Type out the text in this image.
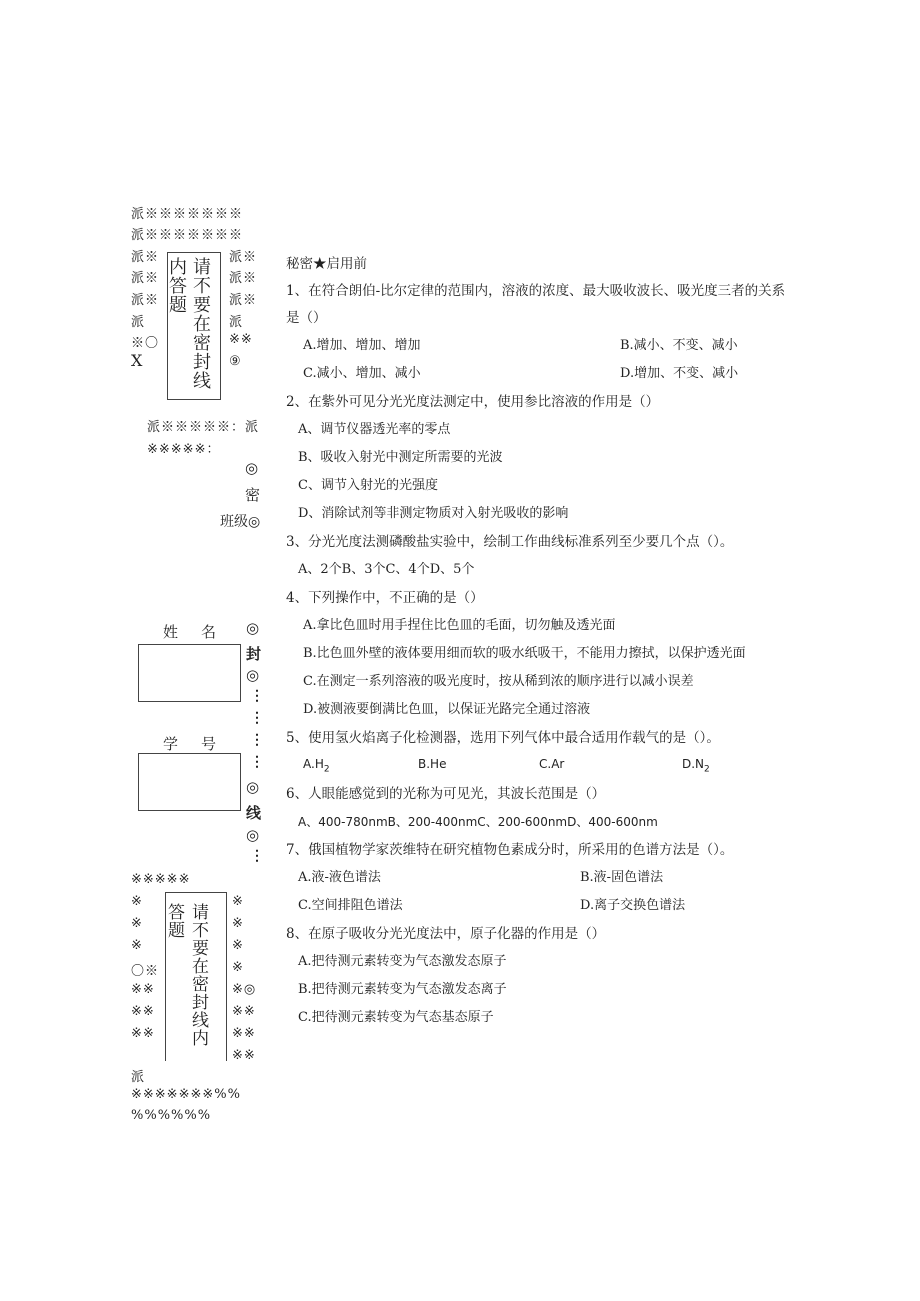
派※※※※※※※
派※※※※※※※
派※
派※
派※
派
※〇
X	请不要在密封线内答题	派※
派※
派※
派
※※
⑨
派※※※※※：派
※※※※※：
◎
密
班级◎
姓　名
学　号
◎
封
◎
⋮
⋮
⋮
⋮
◎
线
◎
⋮
※※※※※
※
※
※
〇※
※※
※※
※※	请不要在密封线内答题
※
※
※
※
※◎
※※
※※
※※
派
※※※※※※※%%
%%%%%%
秘密★启用前
1、在符合朗伯-比尔定律的范围内，溶液的浓度、最大吸收波长、吸光度三者的关系
是（）
A.增加、增加、增加	B.减小、不变、减小
C.减小、增加、减小	D.增加、不变、减小
2、在紫外可见分光光度法测定中，使用参比溶液的作用是（）
A、调节仪器透光率的零点
B、吸收入射光中测定所需要的光波
C、调节入射光的光强度
D、消除试剂等非测定物质对入射光吸收的影响
3、分光光度法测磷酸盐实验中，绘制工作曲线标准系列至少要几个点（）。
A、2个B、3个C、4个D、5个
4、下列操作中，不正确的是（）
A.拿比色皿时用手捏住比色皿的毛面，切勿触及透光面
B.比色皿外壁的液体要用细而软的吸水纸吸干，不能用力擦拭，以保护透光面
C.在测定一系列溶液的吸光度时，按从稀到浓的顺序进行以减小误差
D.被测液要倒满比色皿，以保证光路完全通过溶液
5、使用氢火焰离子化检测器，选用下列气体中最合适用作载气的是（）。
$A.H_2$	B.He	C.Ar	$D.N_2$
6、人眼能感觉到的光称为可见光，其波长范围是（）
A、400-780nmB、200-400nmC、200-600nmD、400-600nm
7、俄国植物学家茨维特在研究植物色素成分时，所采用的色谱方法是（）。
A.液-液色谱法	B.液-固色谱法
C.空间排阻色谱法	D.离子交换色谱法
8、在原子吸收分光光度法中，原子化器的作用是（）
A.把待测元素转变为气态激发态原子
B.把待测元素转变为气态激发态离子
C.把待测元素转变为气态基态原子
